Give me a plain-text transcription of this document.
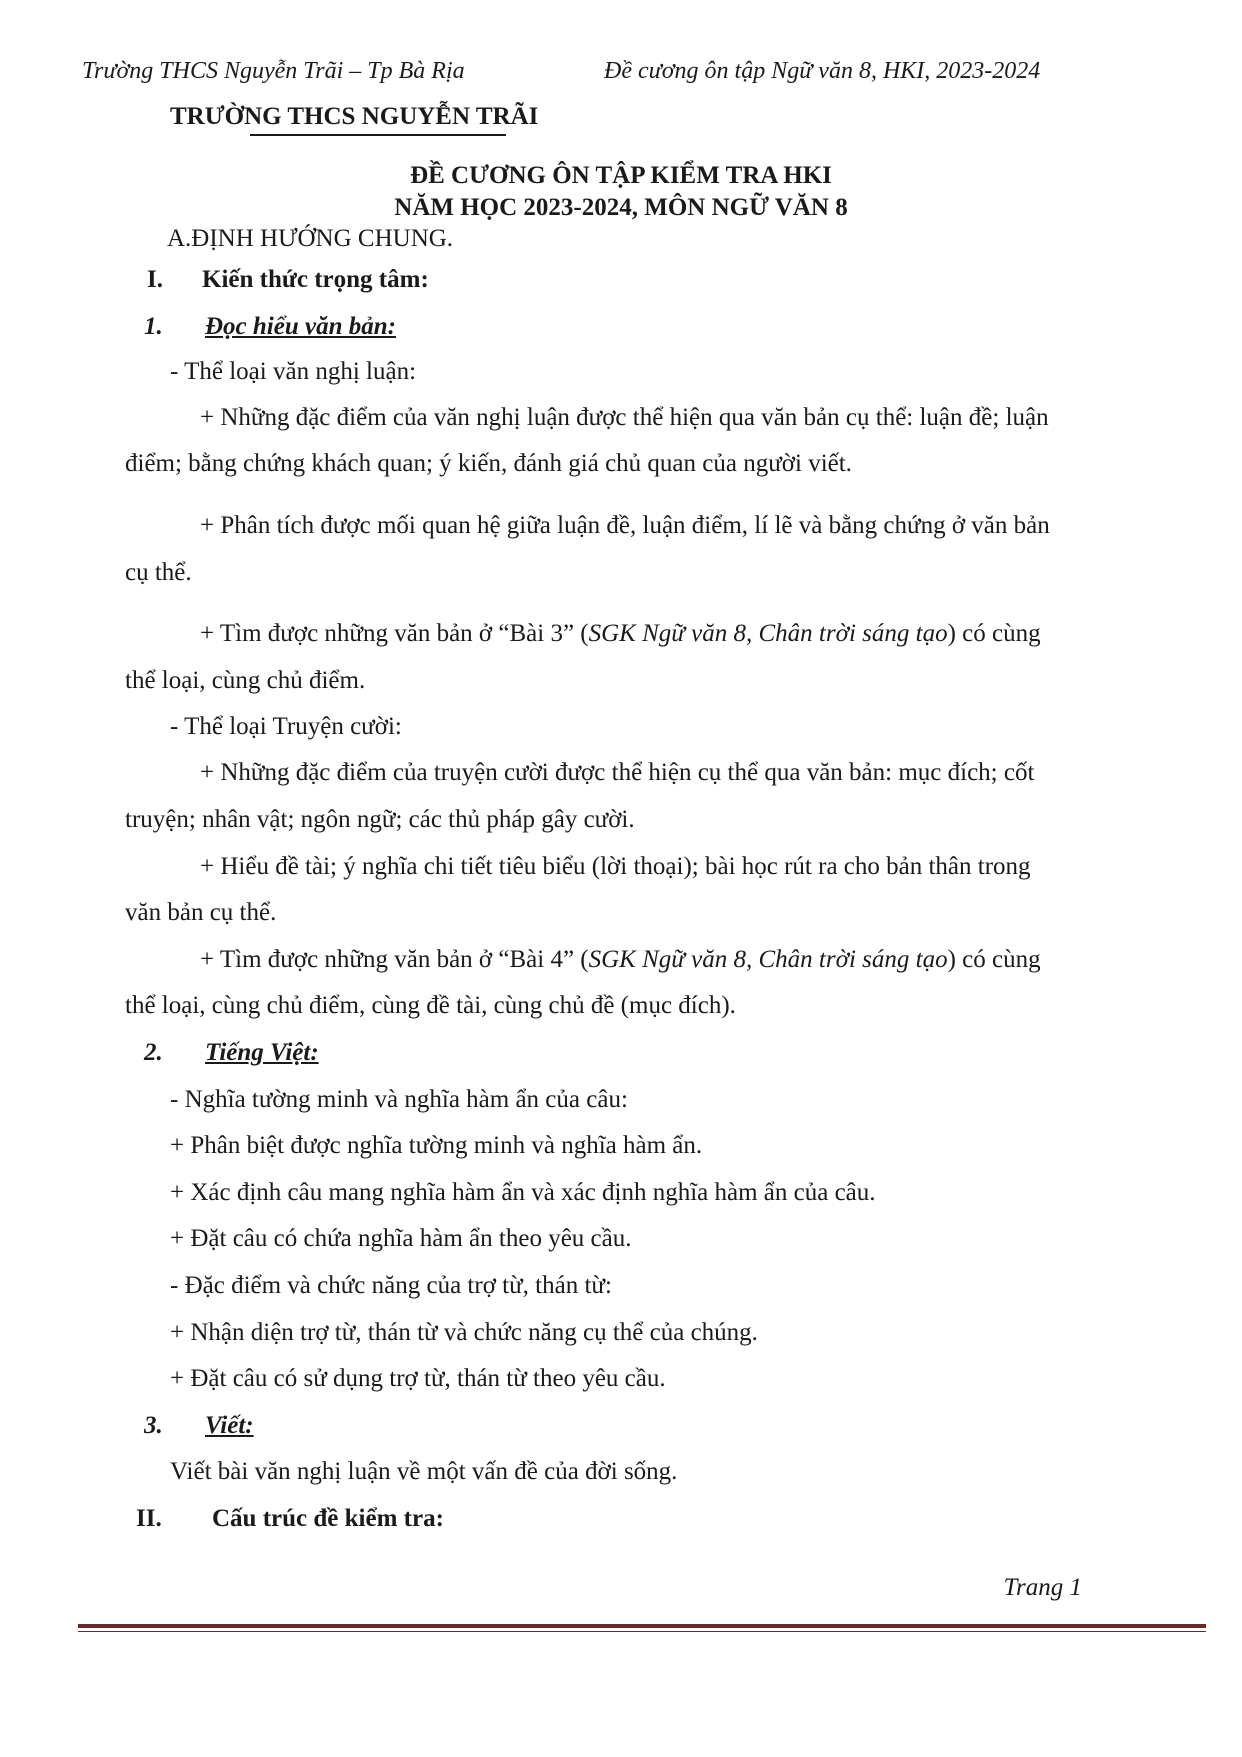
Trường THCS Nguyễn Trãi – Tp Bà Rịa	Đề cương ôn tập Ngữ văn 8, HKI, 2023-2024
TRƯỜNG THCS NGUYỄN TRÃI
ĐỀ CƯƠNG ÔN TẬP KIỂM TRA HKI
NĂM HỌC 2023-2024, MÔN NGỮ VĂN 8
A.ĐỊNH HƯỚNG CHUNG.
I. Kiến thức trọng tâm:
1. Đọc hiểu văn bản:
- Thể loại văn nghị luận:
+ Những đặc điểm của văn nghị luận được thể hiện qua văn bản cụ thể: luận đề; luận
điểm; bằng chứng khách quan; ý kiến, đánh giá chủ quan của người viết.
+ Phân tích được mối quan hệ giữa luận đề, luận điểm, lí lẽ và bằng chứng ở văn bản
cụ thể.
+ Tìm được những văn bản ở “Bài 3” (SGK Ngữ văn 8, Chân trời sáng tạo) có cùng
thể loại, cùng chủ điểm.
- Thể loại Truyện cười:
+ Những đặc điểm của truyện cười được thể hiện cụ thể qua văn bản: mục đích; cốt
truyện; nhân vật; ngôn ngữ; các thủ pháp gây cười.
+ Hiểu đề tài; ý nghĩa chi tiết tiêu biểu (lời thoại); bài học rút ra cho bản thân trong
văn bản cụ thể.
+ Tìm được những văn bản ở “Bài 4” (SGK Ngữ văn 8, Chân trời sáng tạo) có cùng
thể loại, cùng chủ điểm, cùng đề tài, cùng chủ đề (mục đích).
2. Tiếng Việt:
- Nghĩa tường minh và nghĩa hàm ẩn của câu:
+ Phân biệt được nghĩa tường minh và nghĩa hàm ẩn.
+ Xác định câu mang nghĩa hàm ẩn và xác định nghĩa hàm ẩn của câu.
+ Đặt câu có chứa nghĩa hàm ẩn theo yêu cầu.
- Đặc điểm và chức năng của trợ từ, thán từ:
+ Nhận diện trợ từ, thán từ và chức năng cụ thể của chúng.
+ Đặt câu có sử dụng trợ từ, thán từ theo yêu cầu.
3. Viết:
Viết bài văn nghị luận về một vấn đề của đời sống.
II. Cấu trúc đề kiểm tra:
Trang 1
